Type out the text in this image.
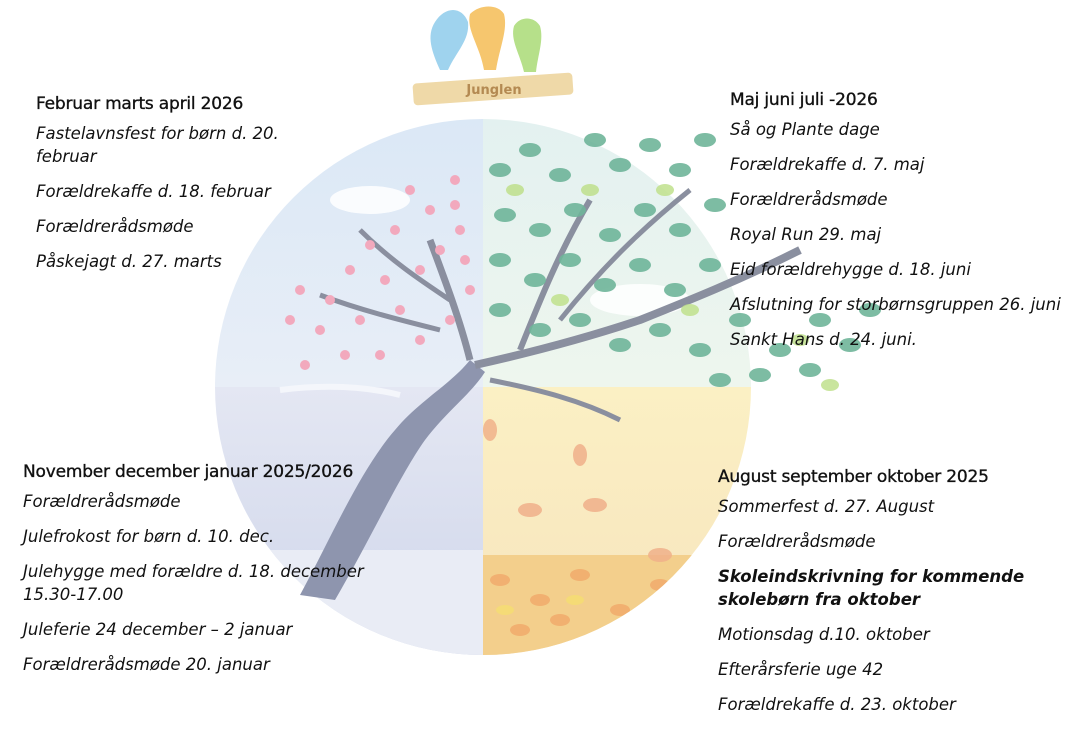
Junglen
Februar marts april 2026
Fastelavnsfest for børn d. 20. februar
Forældrekaffe d. 18. februar
Forældrerådsmøde
Påskejagt d. 27. marts
Maj juni juli -2026
Så og Plante dage
Forældrekaffe d. 7. maj
Forældrerådsmøde
Royal Run 29. maj
Eid forældrehygge d. 18. juni
Afslutning for storbørnsgruppen 26. juni
Sankt Hans d. 24. juni.
November december januar 2025/2026
Forældrerådsmøde
Julefrokost for børn d. 10. dec.
Julehygge med forældre d. 18. december 15.30-17.00
Juleferie 24 december – 2 januar
Forældrerådsmøde 20. januar
August september oktober 2025
Sommerfest d. 27. August
Forældrerådsmøde
Skoleindskrivning for kommende skolebørn fra oktober
Motionsdag d.10. oktober
Efterårsferie uge 42
Forældrekaffe d. 23. oktober
